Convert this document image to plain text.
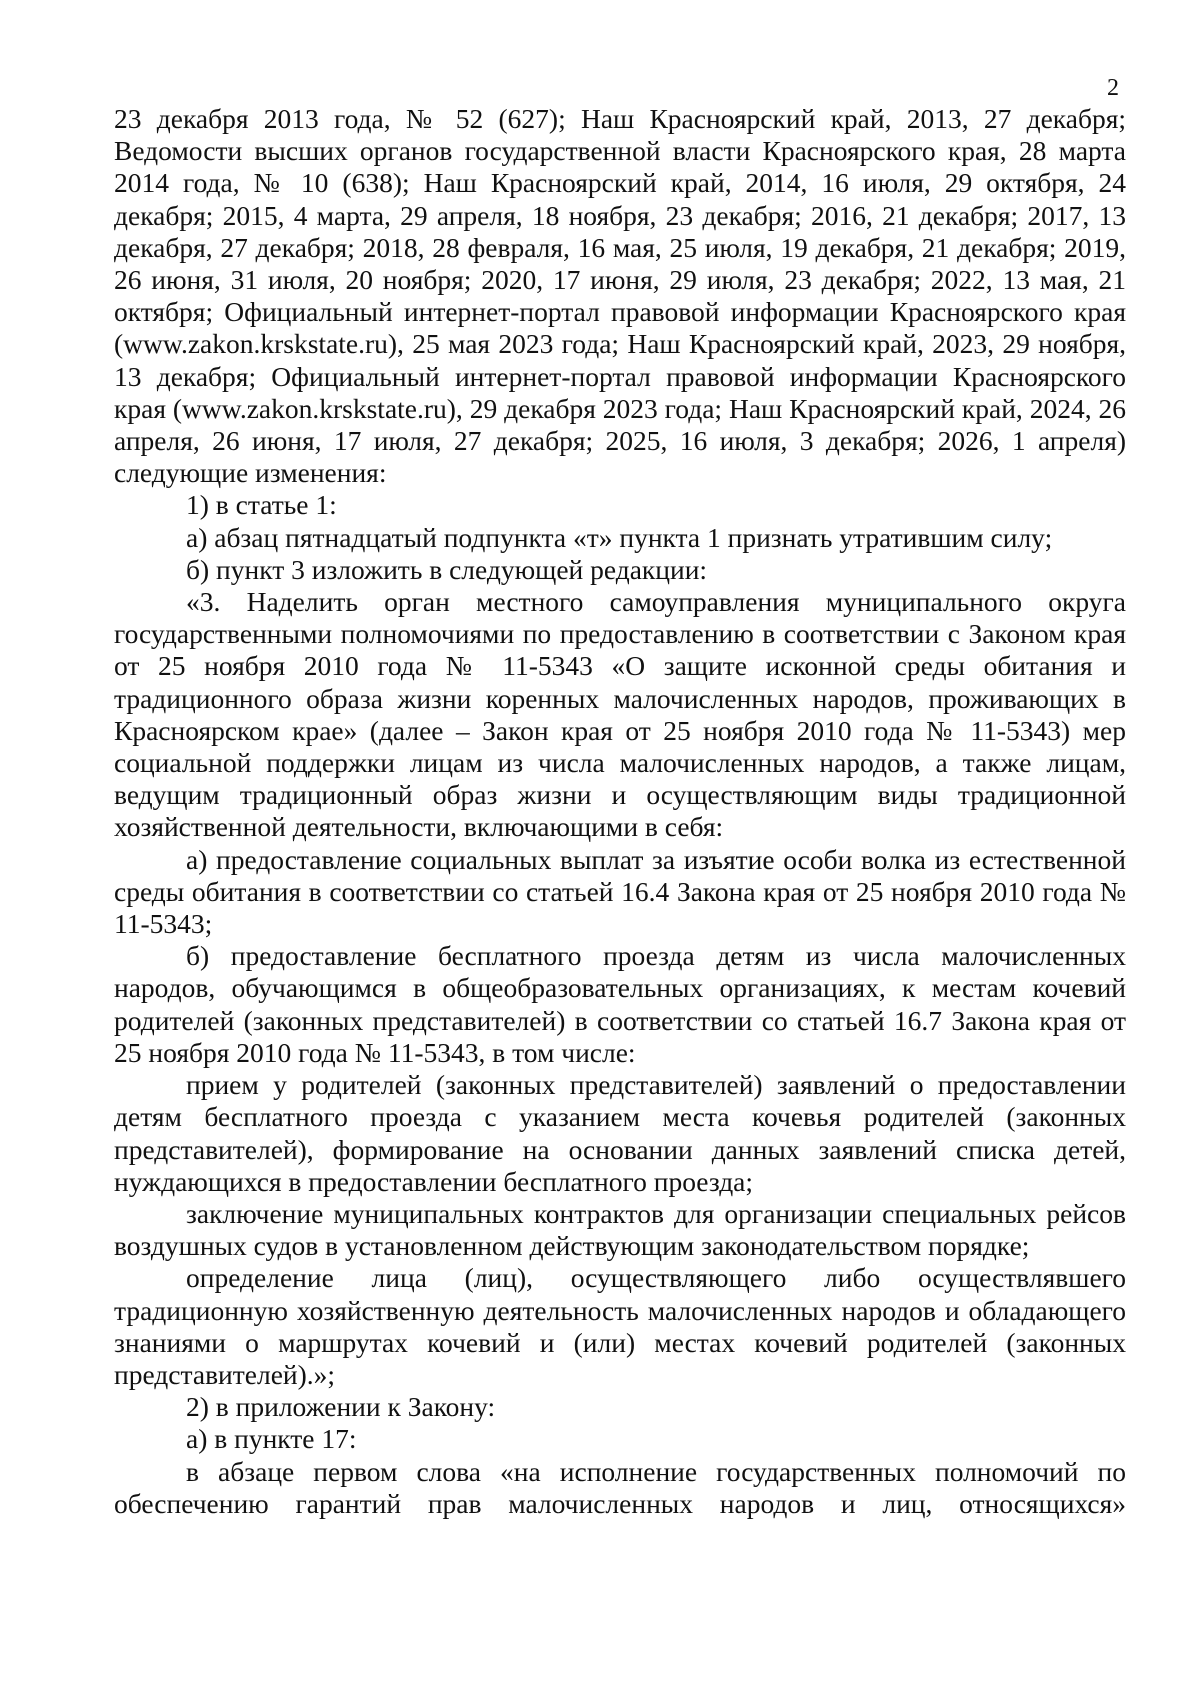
2

23 декабря 2013 года, № 52 (627); Наш Красноярский край, 2013, 27 декабря; Ведомости высших органов государственной власти Красноярского края, 28 марта 2014 года, № 10 (638); Наш Красноярский край, 2014, 16 июля, 29 октября, 24 декабря; 2015, 4 марта, 29 апреля, 18 ноября, 23 декабря; 2016, 21 декабря; 2017, 13 декабря, 27 декабря; 2018, 28 февраля, 16 мая, 25 июля, 19 декабря, 21 декабря; 2019, 26 июня, 31 июля, 20 ноября; 2020, 17 июня, 29 июля, 23 декабря; 2022, 13 мая, 21 октября; Официальный интернет-портал правовой информации Красноярского края (www.zakon.krskstate.ru), 25 мая 2023 года; Наш Красноярский край, 2023, 29 ноября, 13 декабря; Официальный интернет-портал правовой информации Красноярского края (www.zakon.krskstate.ru), 29 декабря 2023 года; Наш Красноярский край, 2024, 26 апреля, 26 июня, 17 июля, 27 декабря; 2025, 16 июля, 3 декабря; 2026, 1 апреля) следующие изменения:

1) в статье 1:

а) абзац пятнадцатый подпункта «т» пункта 1 признать утратившим силу;

б) пункт 3 изложить в следующей редакции:

«3. Наделить орган местного самоуправления муниципального округа государственными полномочиями по предоставлению в соответствии с Законом края от 25 ноября 2010 года № 11-5343 «О защите исконной среды обитания и традиционного образа жизни коренных малочисленных народов, проживающих в Красноярском крае» (далее – Закон края от 25 ноября 2010 года № 11-5343) мер социальной поддержки лицам из числа малочисленных народов, а также лицам, ведущим традиционный образ жизни и осуществляющим виды традиционной хозяйственной деятельности, включающими в себя:

а) предоставление социальных выплат за изъятие особи волка из естественной среды обитания в соответствии со статьей 16.4 Закона края от 25 ноября 2010 года № 11-5343;

б) предоставление бесплатного проезда детям из числа малочисленных народов, обучающимся в общеобразовательных организациях, к местам кочевий родителей (законных представителей) в соответствии со статьей 16.7 Закона края от 25 ноября 2010 года № 11-5343, в том числе:

прием у родителей (законных представителей) заявлений о предоставлении детям бесплатного проезда с указанием места кочевья родителей (законных представителей), формирование на основании данных заявлений списка детей, нуждающихся в предоставлении бесплатного проезда;

заключение муниципальных контрактов для организации специальных рейсов воздушных судов в установленном действующим законодательством порядке;

определение лица (лиц), осуществляющего либо осуществлявшего традиционную хозяйственную деятельность малочисленных народов и обладающего знаниями о маршрутах кочевий и (или) местах кочевий родителей (законных представителей).»;

2) в приложении к Закону:

а) в пункте 17:

в абзаце первом слова «на исполнение государственных полномочий по обеспечению гарантий прав малочисленных народов и лиц, относящихся»
